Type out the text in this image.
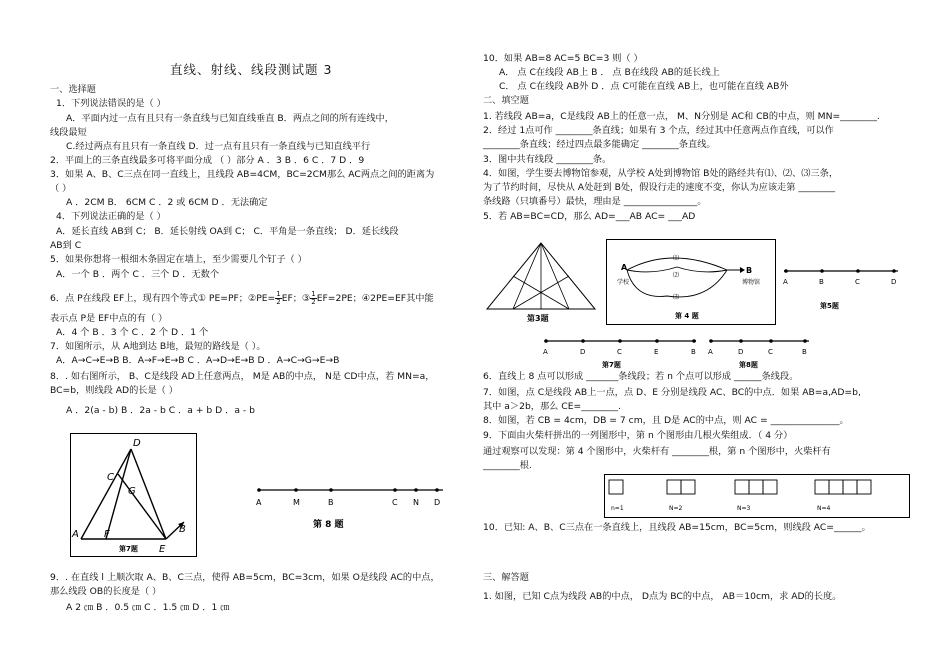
直线、射线、线段测试题 3
一、选择题
1．下列说法错误的是（ ）
A．平面内过一点有且只有一条直线与已知直线垂直 B．两点之间的所有连线中，
线段最短
C.经过两点有且只有一条直线 D．过一点有且只有一条直线与已知直线平行
2．平面上的三条直线最多可将平面分成 （ ）部分 A ．3 B ．6 C ．7 D ．9
3．如果 A、B、C三点在同一直线上，且线段 AB=4CM，BC=2CM那么 AC两点之间的距离为
（ ）
A ．2CM B． 6CM C ．2 或 6CM D ．无法确定
4．下列说法正确的是（ ）
A．延长直线 AB到 C； B．延长射线 OA到 C； C．平角是一条直线； D．延长线段
AB到 C
5．如果你想将一根细木条固定在墙上，至少需要几个钉子（ ）
A．一个 B ．两个 C ．三个 D ．无数个
表示点 P是 EF中点的有（ ）
A．4 个 B ．3 个 C ．2 个 D ．1 个
7．如图所示，从 A地到达 B地，最短的路线是（ ）。
A．A→C→E→B B．A→F→E→B C ．A→D→E→B D ．A→C→G→E→B
8．. 如右图所示， B、C是线段 AD上任意两点， M是 AB的中点， N是 CD中点，若 MN=a，
BC=b，则线段 AD的长是（ ）
A ．2(a - b) B ．2a - b C ．a + b D ．a - b
9．. 在直线 l 上顺次取 A、B、C三点，使得 AB=5cm，BC=3cm，如果 O是线段 AC的中点，
那么线段 OB的长度是（ ）
A 2 ㎝ B ．0.5 ㎝ C ．1.5 ㎝ D ．1 ㎝
6．点 P在线段 EF上，现有四个等式① PE=PF；②PE= $\frac{1}{2}$ EF；③ $\frac{1}{2} EF=2PE$；④2PE=EF其中能
A	F
C
G
D
E
B
第7题
A	M	B	C N D
第 8 题
10．如果 AB=8 AC=5 BC=3 则（ ）
A． 点 C在线段 AB上 B ． 点 B在线段 AB的延长线上
C． 点 C在线段 AB外 D ．点 C可能在直线 AB上，也可能在直线 AB外
二、填空题
1. 若线段 AB=a，C是线段 AB上的任意一点， M、N分别是 AC和 CB的中点，则 MN=________.
2．经过 1点可作 ________条直线；如果有 3 个点，经过其中任意两点作直线，可以作
________条直线；经过四点最多能确定 ________条直线。
3．图中共有线段 ________条。
4．如图，学生要去博物馆参观，从学校 A处到博物馆 B处的路经共有⑴、⑵、⑶三条，
为了节约时间，尽快从 A处赶到 B处，假设行走的速度不变，你认为应该走第 ________
条线路（只填番号）最快，理由是 ________________。
5．若 AB=BC=CD，那么 AD=___AB AC= ___AD
6．直线上 8 点可以形成 _______条线段；若 n 个点可以形成 ______条线段。
7．如图，点 C是线段 AB上一点，点 D、E 分别是线段 AC、BC的中点．如果 AB=a,AD=b,
其中 a＞2b，那么 CE=________.
8．如图，若 CB = 4cm，DB = 7 cm，且 D是 AC的中点，则 AC = _______________。
9．下面由火柴杆拼出的一列图形中，第 n 个图形由几根火柴组成．（ 4 分）
通过观察可以发现：第 4 个图形中，火柴杆有 ________根，第 n 个图形中，火柴杆有
________根.
10．已知: A、B、C三点在一条直线上，且线段 AB=15cm，BC=5cm，则线段 AC=______。
三、解答题
1. 如图，已知 C点为线段 AB的中点， D点为 BC的中点， AB＝10cm，求 AD的长度。
第3题
A
学校
B
博物馆
⑴
⑵
⑶
第 4 题
A	B	C	D
第5题
A	D	C	E	B
第7题
A	D	C	B
第8题
n=1	N=2	N=3	N=4
